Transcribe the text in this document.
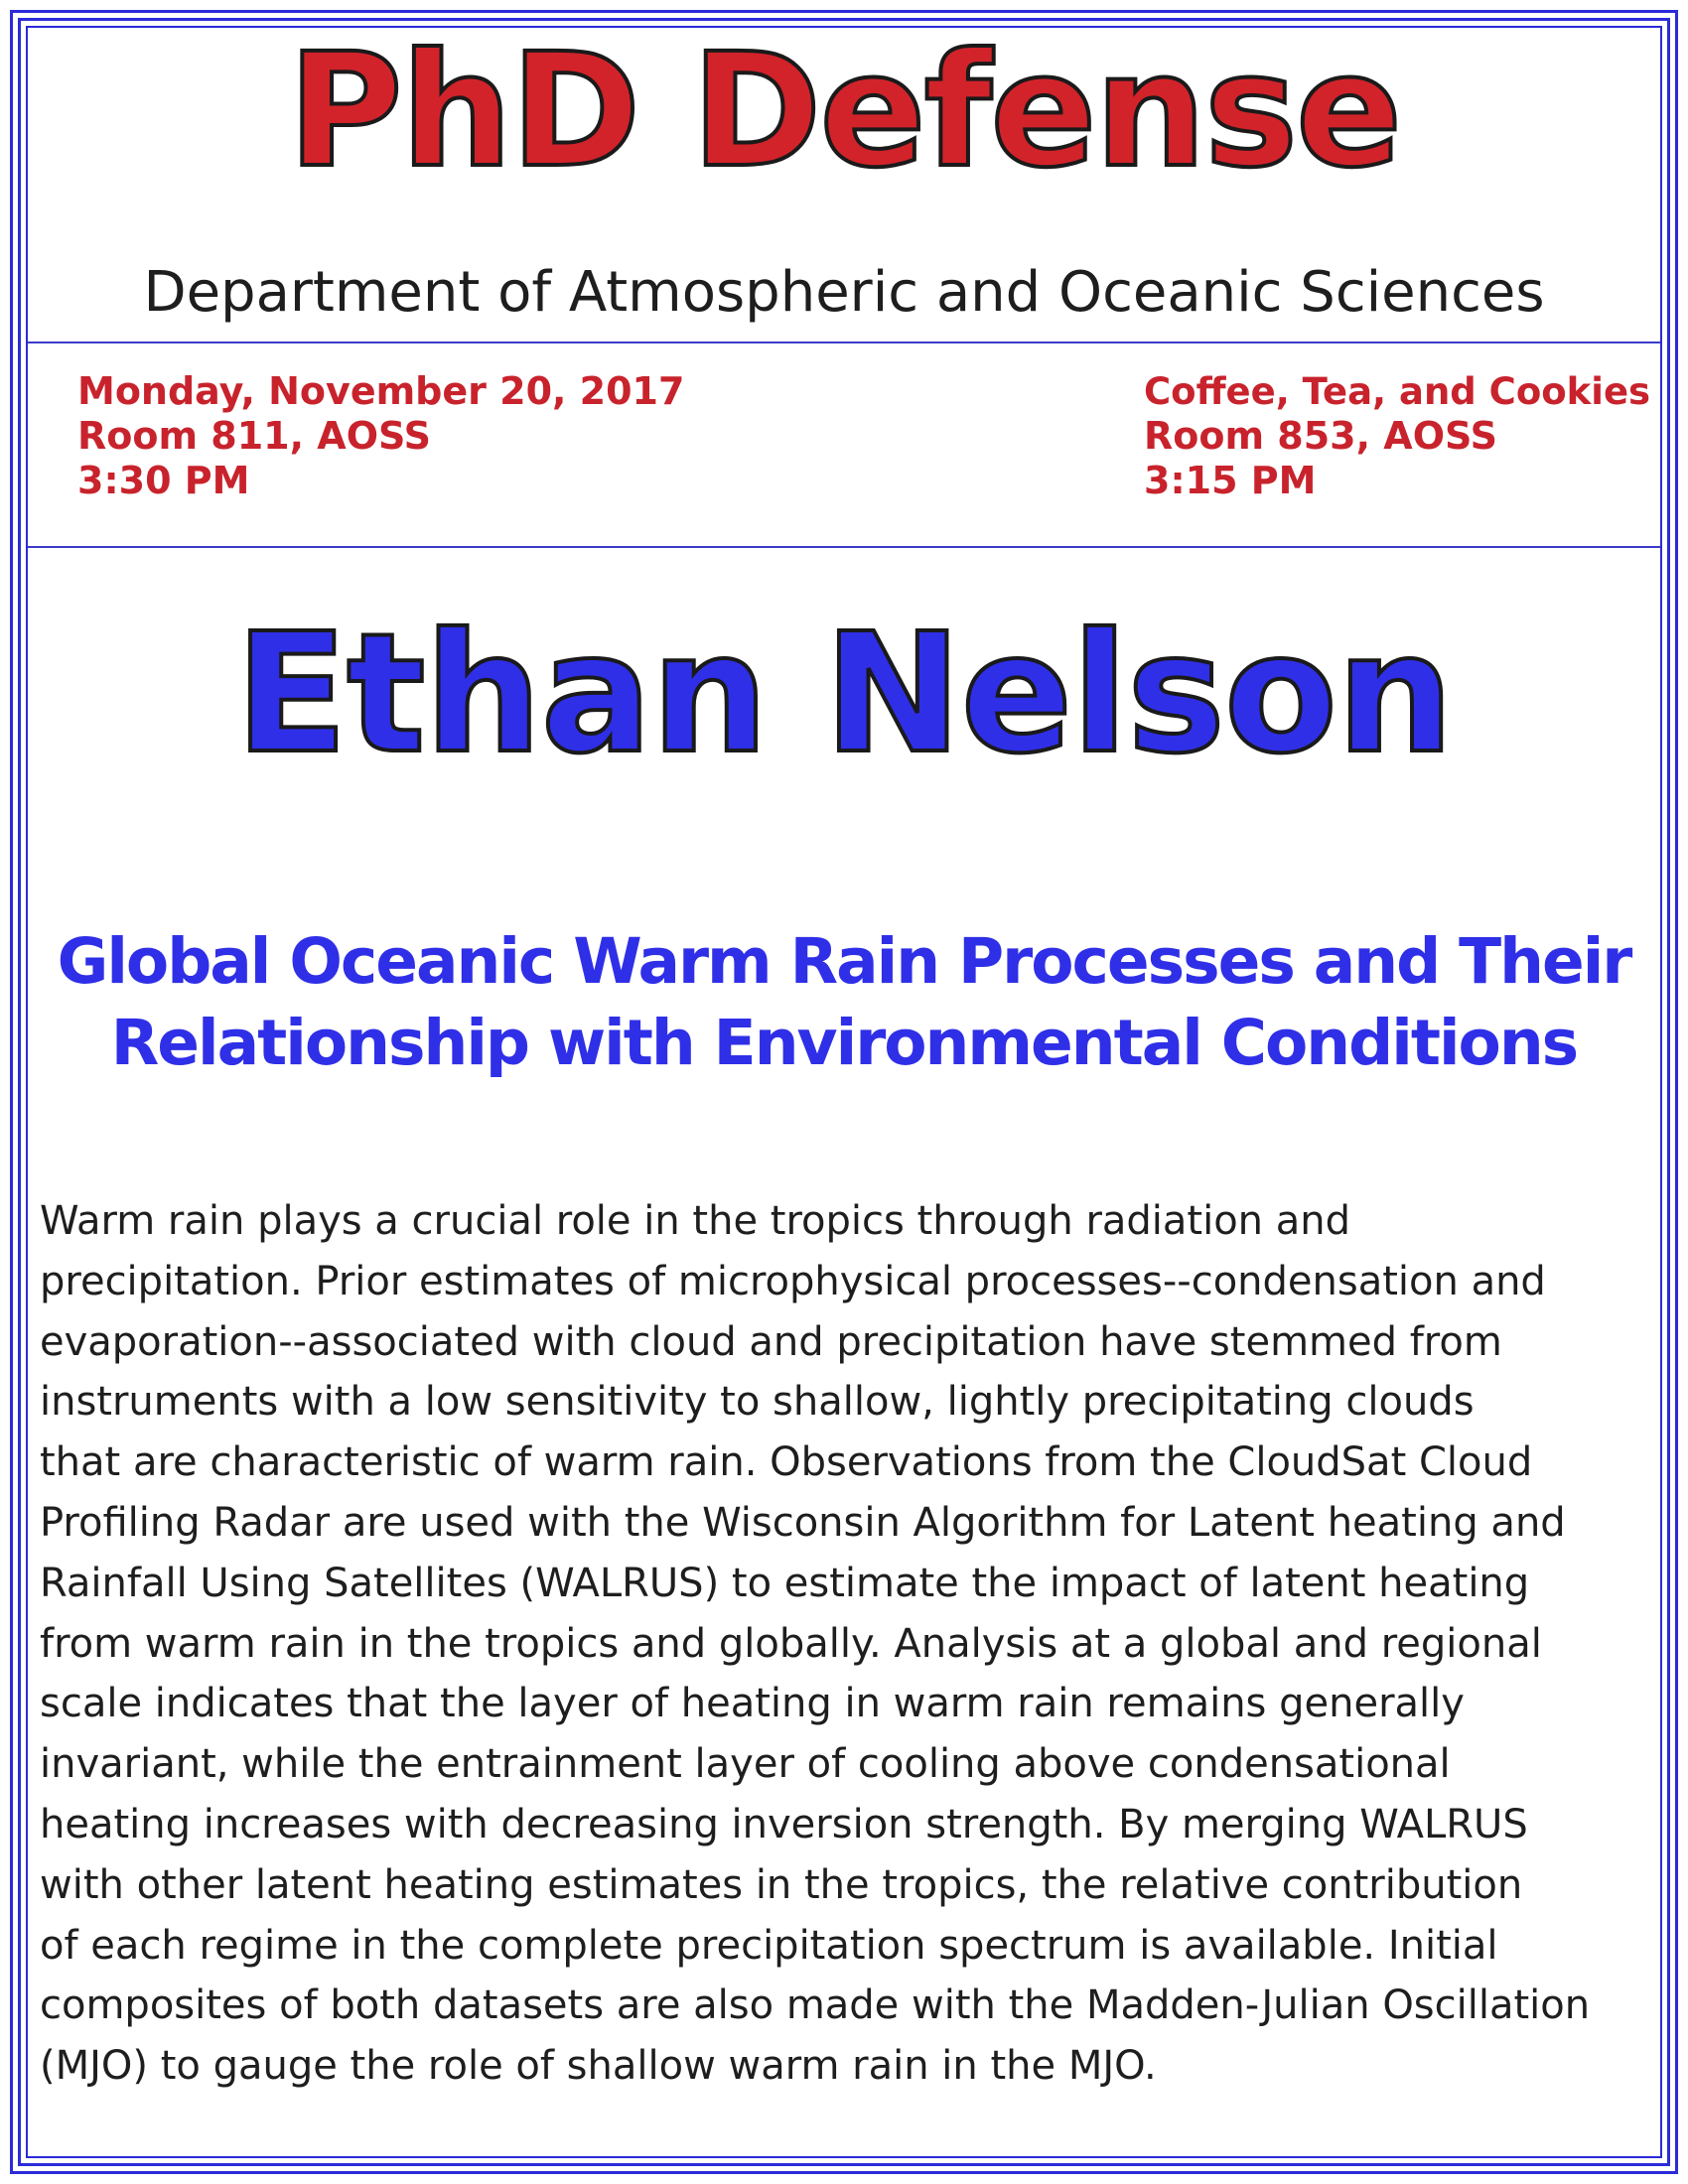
PhD Defense
Department of Atmospheric and Oceanic Sciences
Monday, November 20, 2017
Room 811, AOSS
3:30 PM
Coffee, Tea, and Cookies
Room 853, AOSS
3:15 PM
Ethan Nelson
Global Oceanic Warm Rain Processes and Their
Relationship with Environmental Conditions
Warm rain plays a crucial role in the tropics through radiation and
precipitation. Prior estimates of microphysical processes--condensation and
evaporation--associated with cloud and precipitation have stemmed from
instruments with a low sensitivity to shallow, lightly precipitating clouds
that are characteristic of warm rain. Observations from the CloudSat Cloud
Profiling Radar are used with the Wisconsin Algorithm for Latent heating and
Rainfall Using Satellites (WALRUS) to estimate the impact of latent heating
from warm rain in the tropics and globally. Analysis at a global and regional
scale indicates that the layer of heating in warm rain remains generally
invariant, while the entrainment layer of cooling above condensational
heating increases with decreasing inversion strength. By merging WALRUS
with other latent heating estimates in the tropics, the relative contribution
of each regime in the complete precipitation spectrum is available. Initial
composites of both datasets are also made with the Madden-Julian Oscillation
(MJO) to gauge the role of shallow warm rain in the MJO.
